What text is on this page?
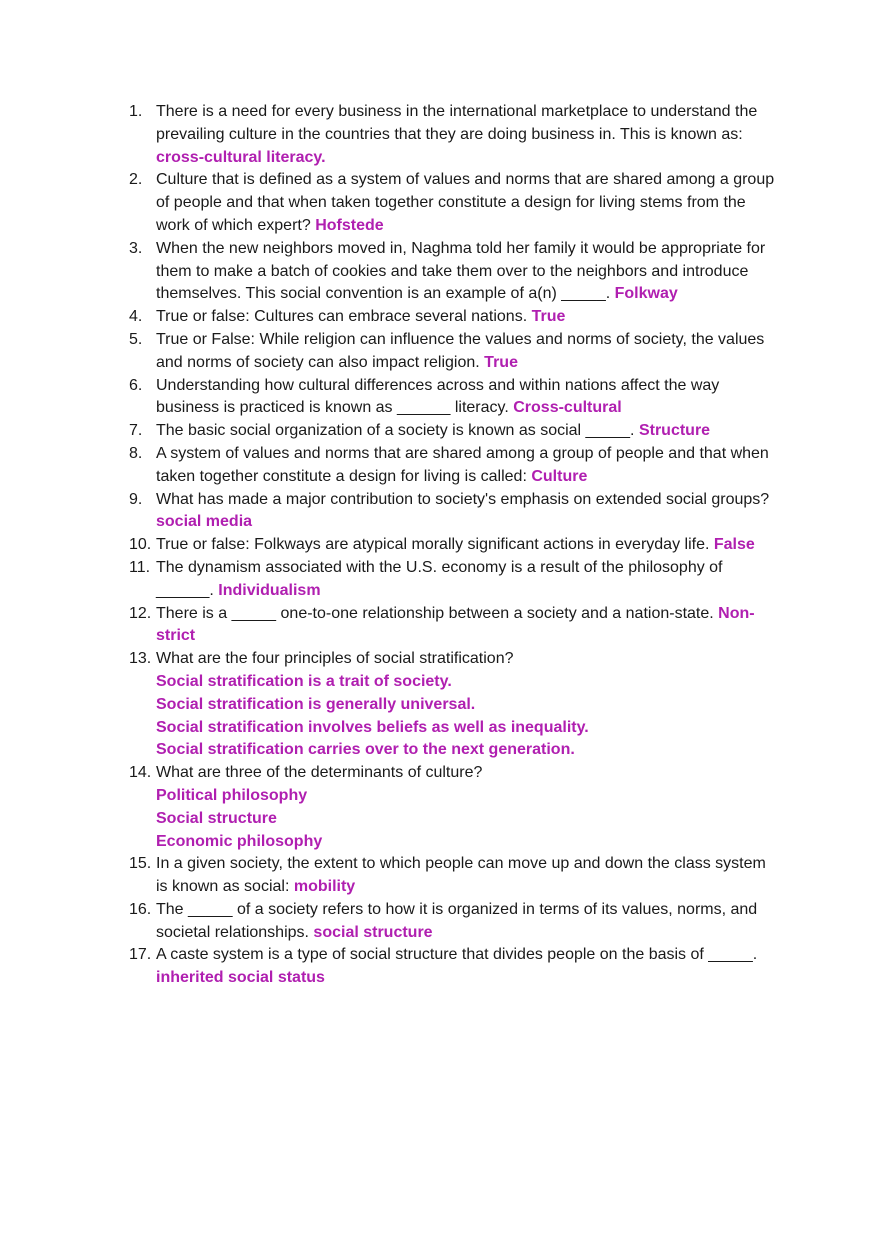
1. There is a need for every business in the international marketplace to understand the prevailing culture in the countries that they are doing business in. This is known as: cross-cultural literacy.
2. Culture that is defined as a system of values and norms that are shared among a group of people and that when taken together constitute a design for living stems from the work of which expert? Hofstede
3. When the new neighbors moved in, Naghma told her family it would be appropriate for them to make a batch of cookies and take them over to the neighbors and introduce themselves. This social convention is an example of a(n) _____. Folkway
4. True or false: Cultures can embrace several nations. True
5. True or False: While religion can influence the values and norms of society, the values and norms of society can also impact religion. True
6. Understanding how cultural differences across and within nations affect the way business is practiced is known as ______ literacy. Cross-cultural
7. The basic social organization of a society is known as social _____. Structure
8. A system of values and norms that are shared among a group of people and that when taken together constitute a design for living is called: Culture
9. What has made a major contribution to society's emphasis on extended social groups? social media
10. True or false: Folkways are atypical morally significant actions in everyday life. False
11. The dynamism associated with the U.S. economy is a result of the philosophy of ______. Individualism
12. There is a _____ one-to-one relationship between a society and a nation-state. Non-strict
13. What are the four principles of social stratification?
Social stratification is a trait of society.
Social stratification is generally universal.
Social stratification involves beliefs as well as inequality.
Social stratification carries over to the next generation.
14. What are three of the determinants of culture?
Political philosophy
Social structure
Economic philosophy
15. In a given society, the extent to which people can move up and down the class system is known as social: mobility
16. The _____ of a society refers to how it is organized in terms of its values, norms, and societal relationships. social structure
17. A caste system is a type of social structure that divides people on the basis of _____. inherited social status
